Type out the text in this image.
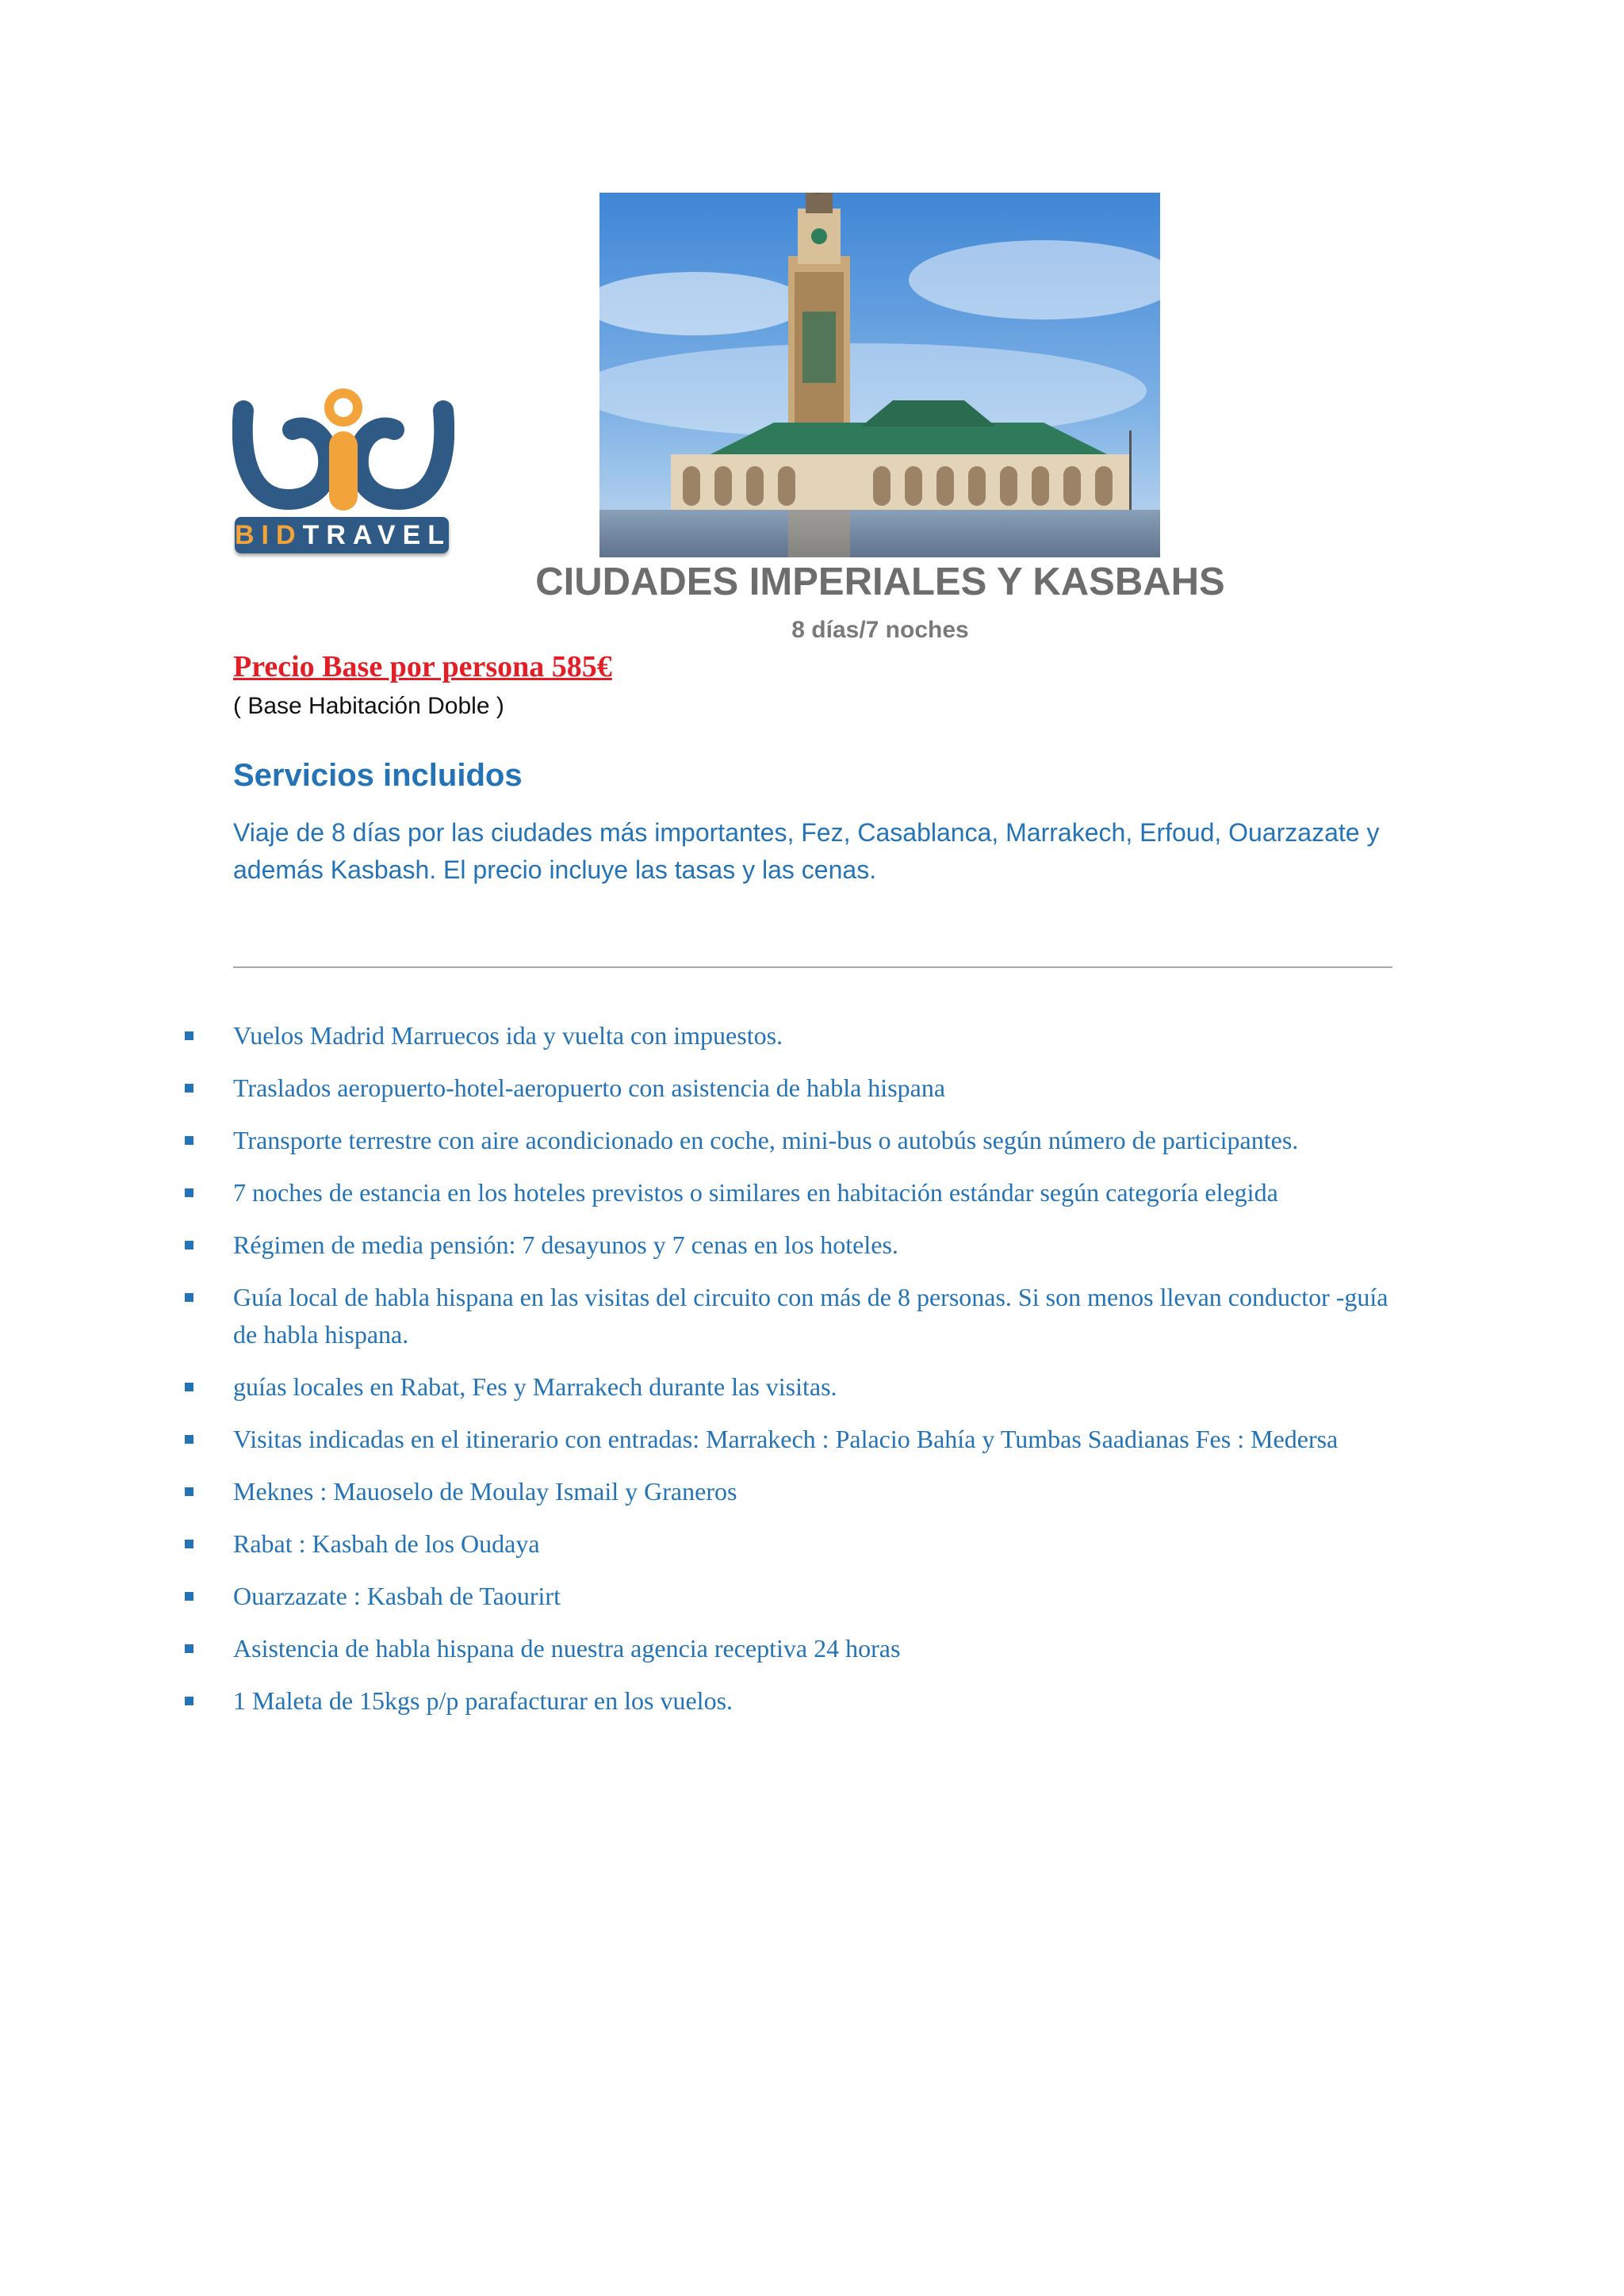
BIDTRAVEL
CIUDADES IMPERIALES Y KASBAHS
8 días/7 noches
Precio Base por persona 585€
( Base Habitación Doble )
Servicios incluidos
Viaje de 8 días por las ciudades más importantes, Fez, Casablanca, Marrakech, Erfoud, Ouarzazate y además Kasbash. El precio incluye las tasas y las cenas.
Vuelos Madrid Marruecos ida y vuelta con impuestos.
Traslados aeropuerto-hotel-aeropuerto con asistencia de habla hispana
Transporte terrestre con aire acondicionado en coche, mini-bus o autobús según número de participantes.
7 noches de estancia en los hoteles previstos o similares en habitación estándar según categoría elegida
Régimen de media pensión: 7 desayunos y 7 cenas en los hoteles.
Guía local de habla hispana en las visitas del circuito con más de 8 personas. Si son menos llevan conductor -guía de habla hispana.
guías locales en Rabat, Fes y Marrakech durante las visitas.
Visitas indicadas en el itinerario con entradas: Marrakech : Palacio Bahía y Tumbas Saadianas Fes : Medersa
Meknes : Mauoselo de Moulay Ismail y Graneros
Rabat : Kasbah de los Oudaya
Ouarzazate : Kasbah de Taourirt
Asistencia de habla hispana de nuestra agencia receptiva 24 horas
1 Maleta de 15kgs p/p parafacturar en los vuelos.
